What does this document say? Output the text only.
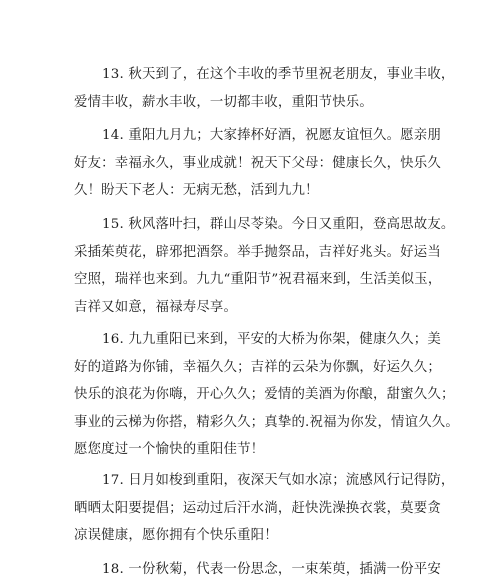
13. 秋天到了，在这个丰收的季节里祝老朋友，事业丰收，
爱情丰收，薪水丰收，一切都丰收，重阳节快乐。
14. 重阳九月九；大家捧杯好酒，祝愿友谊恒久。愿亲朋
好友：幸福永久，事业成就！祝天下父母：健康长久，快乐久
久！盼天下老人：无病无愁，活到九九！
15. 秋风落叶扫，群山尽苓染。今日又重阳，登高思故友。
采插茱萸花，辟邪把酒祭。举手抛祭品，吉祥好兆头。好运当
空照，瑞祥也来到。九九“重阳节”祝君福来到，生活美似玉，
吉祥又如意，福禄寿尽享。
16. 九九重阳已来到，平安的大桥为你架，健康久久；美
好的道路为你铺，幸福久久；吉祥的云朵为你飘，好运久久；
快乐的浪花为你嗨，开心久久；爱情的美酒为你酿，甜蜜久久；
事业的云梯为你搭，精彩久久；真挚的.祝福为你发，情谊久久。
愿您度过一个愉快的重阳佳节！
17. 日月如梭到重阳，夜深天气如水凉；流感风行记得防，
晒晒太阳要提倡；运动过后汗水淌，赶快洗澡换衣裳，莫要贪
凉误健康，愿你拥有个快乐重阳！
18. 一份秋菊，代表一份思念，一束茱萸，插满一份平安
